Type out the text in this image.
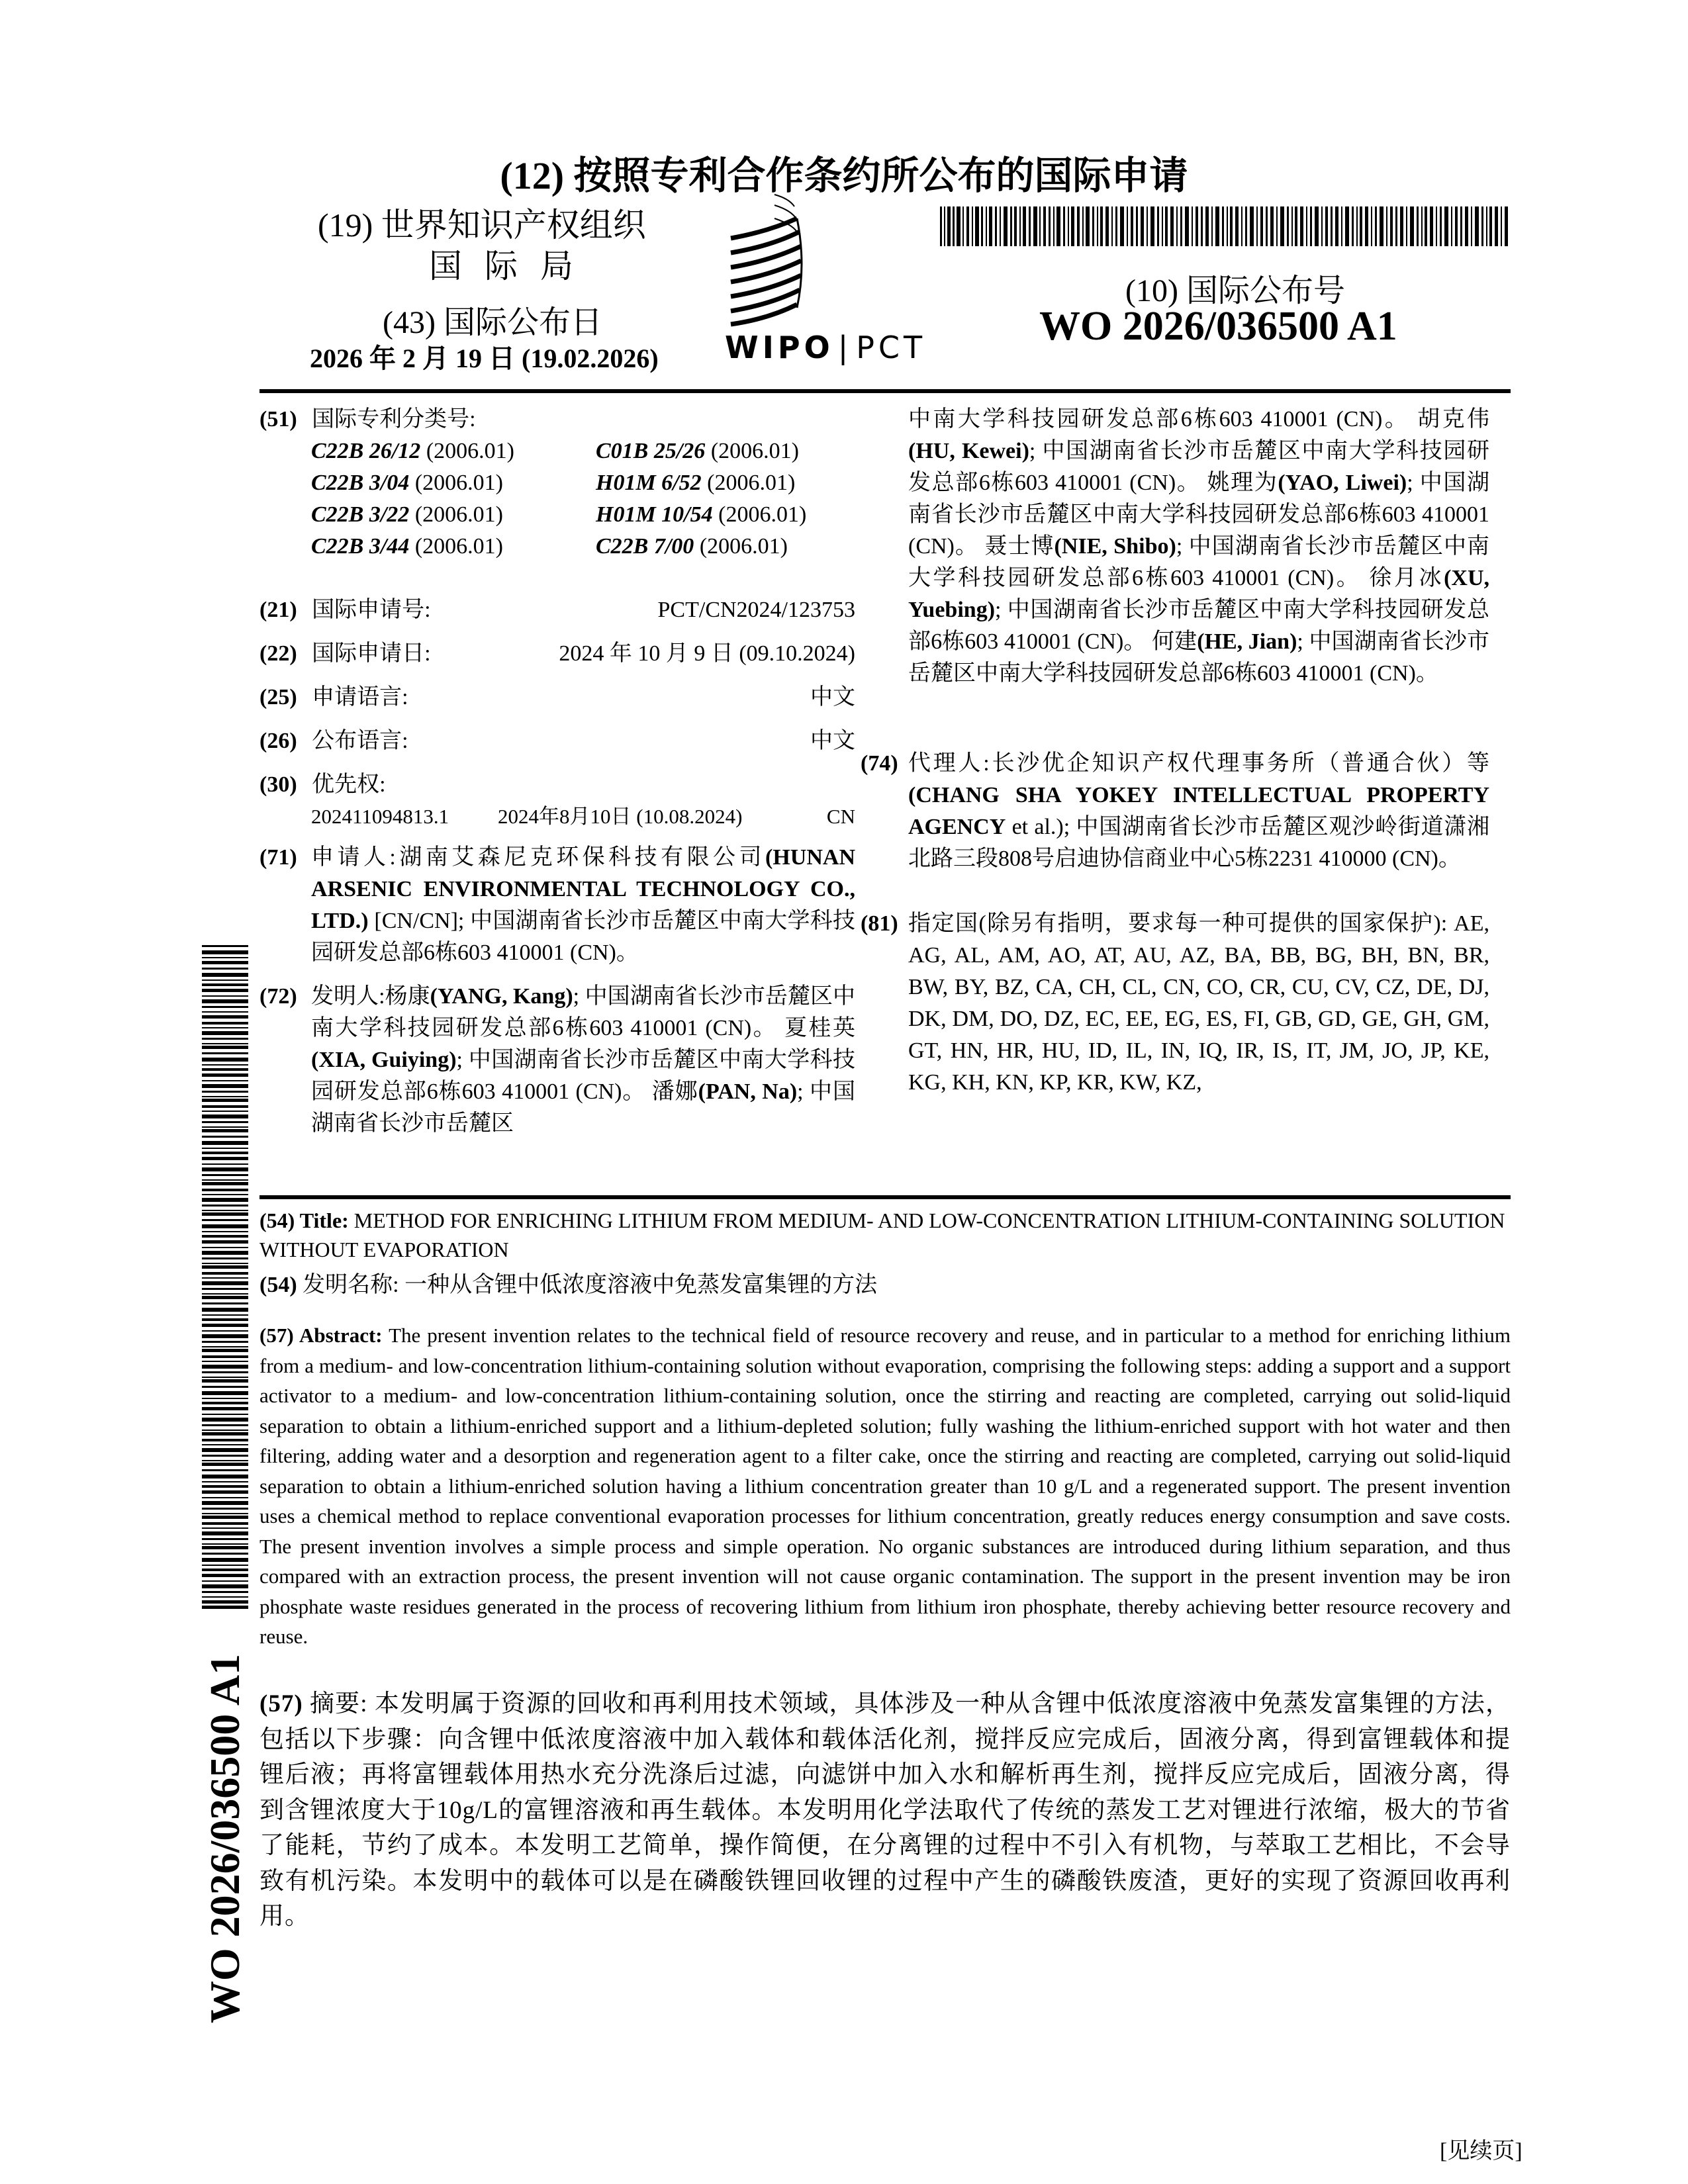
(12) 按照专利合作条约所公布的国际申请
(19) 世界知识产权组织
国际局
(43) 国际公布日
2026 年 2 月 19 日 (19.02.2026)
(10) 国际公布号
WO 2026/036500 A1
WIPO | PCT
WO 2026/036500 A1
(51) 国际专利分类号:
C22B 26/12 (2006.01)	C01B 25/26 (2006.01)
C22B 3/04 (2006.01)	H01M 6/52 (2006.01)
C22B 3/22 (2006.01)	H01M 10/54 (2006.01)
C22B 3/44 (2006.01)	C22B 7/00 (2006.01)
(21) 国际申请号:	PCT/CN2024/123753
(22) 国际申请日:	2024 年 10 月 9 日 (09.10.2024)
(25) 申请语言:	中文
(26) 公布语言:	中文
(30) 优先权:
202411094813.1 2024年8月10日 (10.08.2024)	CN
(71) 申请人:湖南艾森尼克环保科技有限公司(HUNAN ARSENIC ENVIRONMENTAL TECHNOLOGY CO., LTD.) [CN/CN]; 中国湖南省长沙市岳麓区中南大学科技园研发总部6栋603 410001 (CN)。
(72) 发明人:杨康(YANG, Kang); 中国湖南省长沙市岳麓区中南大学科技园研发总部6栋603 410001 (CN)。 夏桂英(XIA, Guiying); 中国湖南省长沙市岳麓区中南大学科技园研发总部6栋603 410001 (CN)。 潘娜(PAN, Na); 中国湖南省长沙市岳麓区
中南大学科技园研发总部6栋603 410001 (CN)。 胡克伟(HU, Kewei); 中国湖南省长沙市岳麓区中南大学科技园研发总部6栋603 410001 (CN)。 姚理为(YAO, Liwei); 中国湖南省长沙市岳麓区中南大学科技园研发总部6栋603 410001 (CN)。 聂士博(NIE, Shibo); 中国湖南省长沙市岳麓区中南大学科技园研发总部6栋603 410001 (CN)。 徐月冰(XU, Yuebing); 中国湖南省长沙市岳麓区中南大学科技园研发总部6栋603 410001 (CN)。 何建(HE, Jian); 中国湖南省长沙市岳麓区中南大学科技园研发总部6栋603 410001 (CN)。
(74) 代理人:长沙优企知识产权代理事务所（普通合伙）等 (CHANG SHA YOKEY INTELLECTUAL PROPERTY AGENCY et al.); 中国湖南省长沙市岳麓区观沙岭街道潇湘北路三段808号启迪协信商业中心5栋2231 410000 (CN)。
(81) 指定国(除另有指明，要求每一种可提供的国家保护): AE, AG, AL, AM, AO, AT, AU, AZ, BA, BB, BG, BH, BN, BR, BW, BY, BZ, CA, CH, CL, CN, CO, CR, CU, CV, CZ, DE, DJ, DK, DM, DO, DZ, EC, EE, EG, ES, FI, GB, GD, GE, GH, GM, GT, HN, HR, HU, ID, IL, IN, IQ, IR, IS, IT, JM, JO, JP, KE, KG, KH, KN, KP, KR, KW, KZ,
(54) Title: METHOD FOR ENRICHING LITHIUM FROM MEDIUM- AND LOW-CONCENTRATION LITHIUM-CONTAINING SOLUTION WITHOUT EVAPORATION
(54) 发明名称: 一种从含锂中低浓度溶液中免蒸发富集锂的方法
(57) Abstract: The present invention relates to the technical field of resource recovery and reuse, and in particular to a method for enriching lithium from a medium- and low-concentration lithium-containing solution without evaporation, comprising the following steps: adding a support and a support activator to a medium- and low-concentration lithium-containing solution, once the stirring and reacting are completed, carrying out solid-liquid separation to obtain a lithium-enriched support and a lithium-depleted solution; fully washing the lithium-enriched support with hot water and then filtering, adding water and a desorption and regeneration agent to a filter cake, once the stirring and reacting are completed, carrying out solid-liquid separation to obtain a lithium-enriched solution having a lithium concentration greater than 10 g/L and a regenerated support. The present invention uses a chemical method to replace conventional evaporation processes for lithium concentration, greatly reduces energy consumption and save costs. The present invention involves a simple process and simple operation. No organic substances are introduced during lithium separation, and thus compared with an extraction process, the present invention will not cause organic contamination. The support in the present invention may be iron phosphate waste residues generated in the process of recovering lithium from lithium iron phosphate, thereby achieving better resource recovery and reuse.
(57) 摘要: 本发明属于资源的回收和再利用技术领域，具体涉及一种从含锂中低浓度溶液中免蒸发富集锂的方法，包括以下步骤：向含锂中低浓度溶液中加入载体和载体活化剂，搅拌反应完成后，固液分离，得到富锂载体和提锂后液；再将富锂载体用热水充分洗涤后过滤，向滤饼中加入水和解析再生剂，搅拌反应完成后，固液分离，得到含锂浓度大于10g/L的富锂溶液和再生载体。本发明用化学法取代了传统的蒸发工艺对锂进行浓缩，极大的节省了能耗，节约了成本。本发明工艺简单，操作简便，在分离锂的过程中不引入有机物，与萃取工艺相比，不会导致有机污染。本发明中的载体可以是在磷酸铁锂回收锂的过程中产生的磷酸铁废渣，更好的实现了资源回收再利用。
[见续页]
